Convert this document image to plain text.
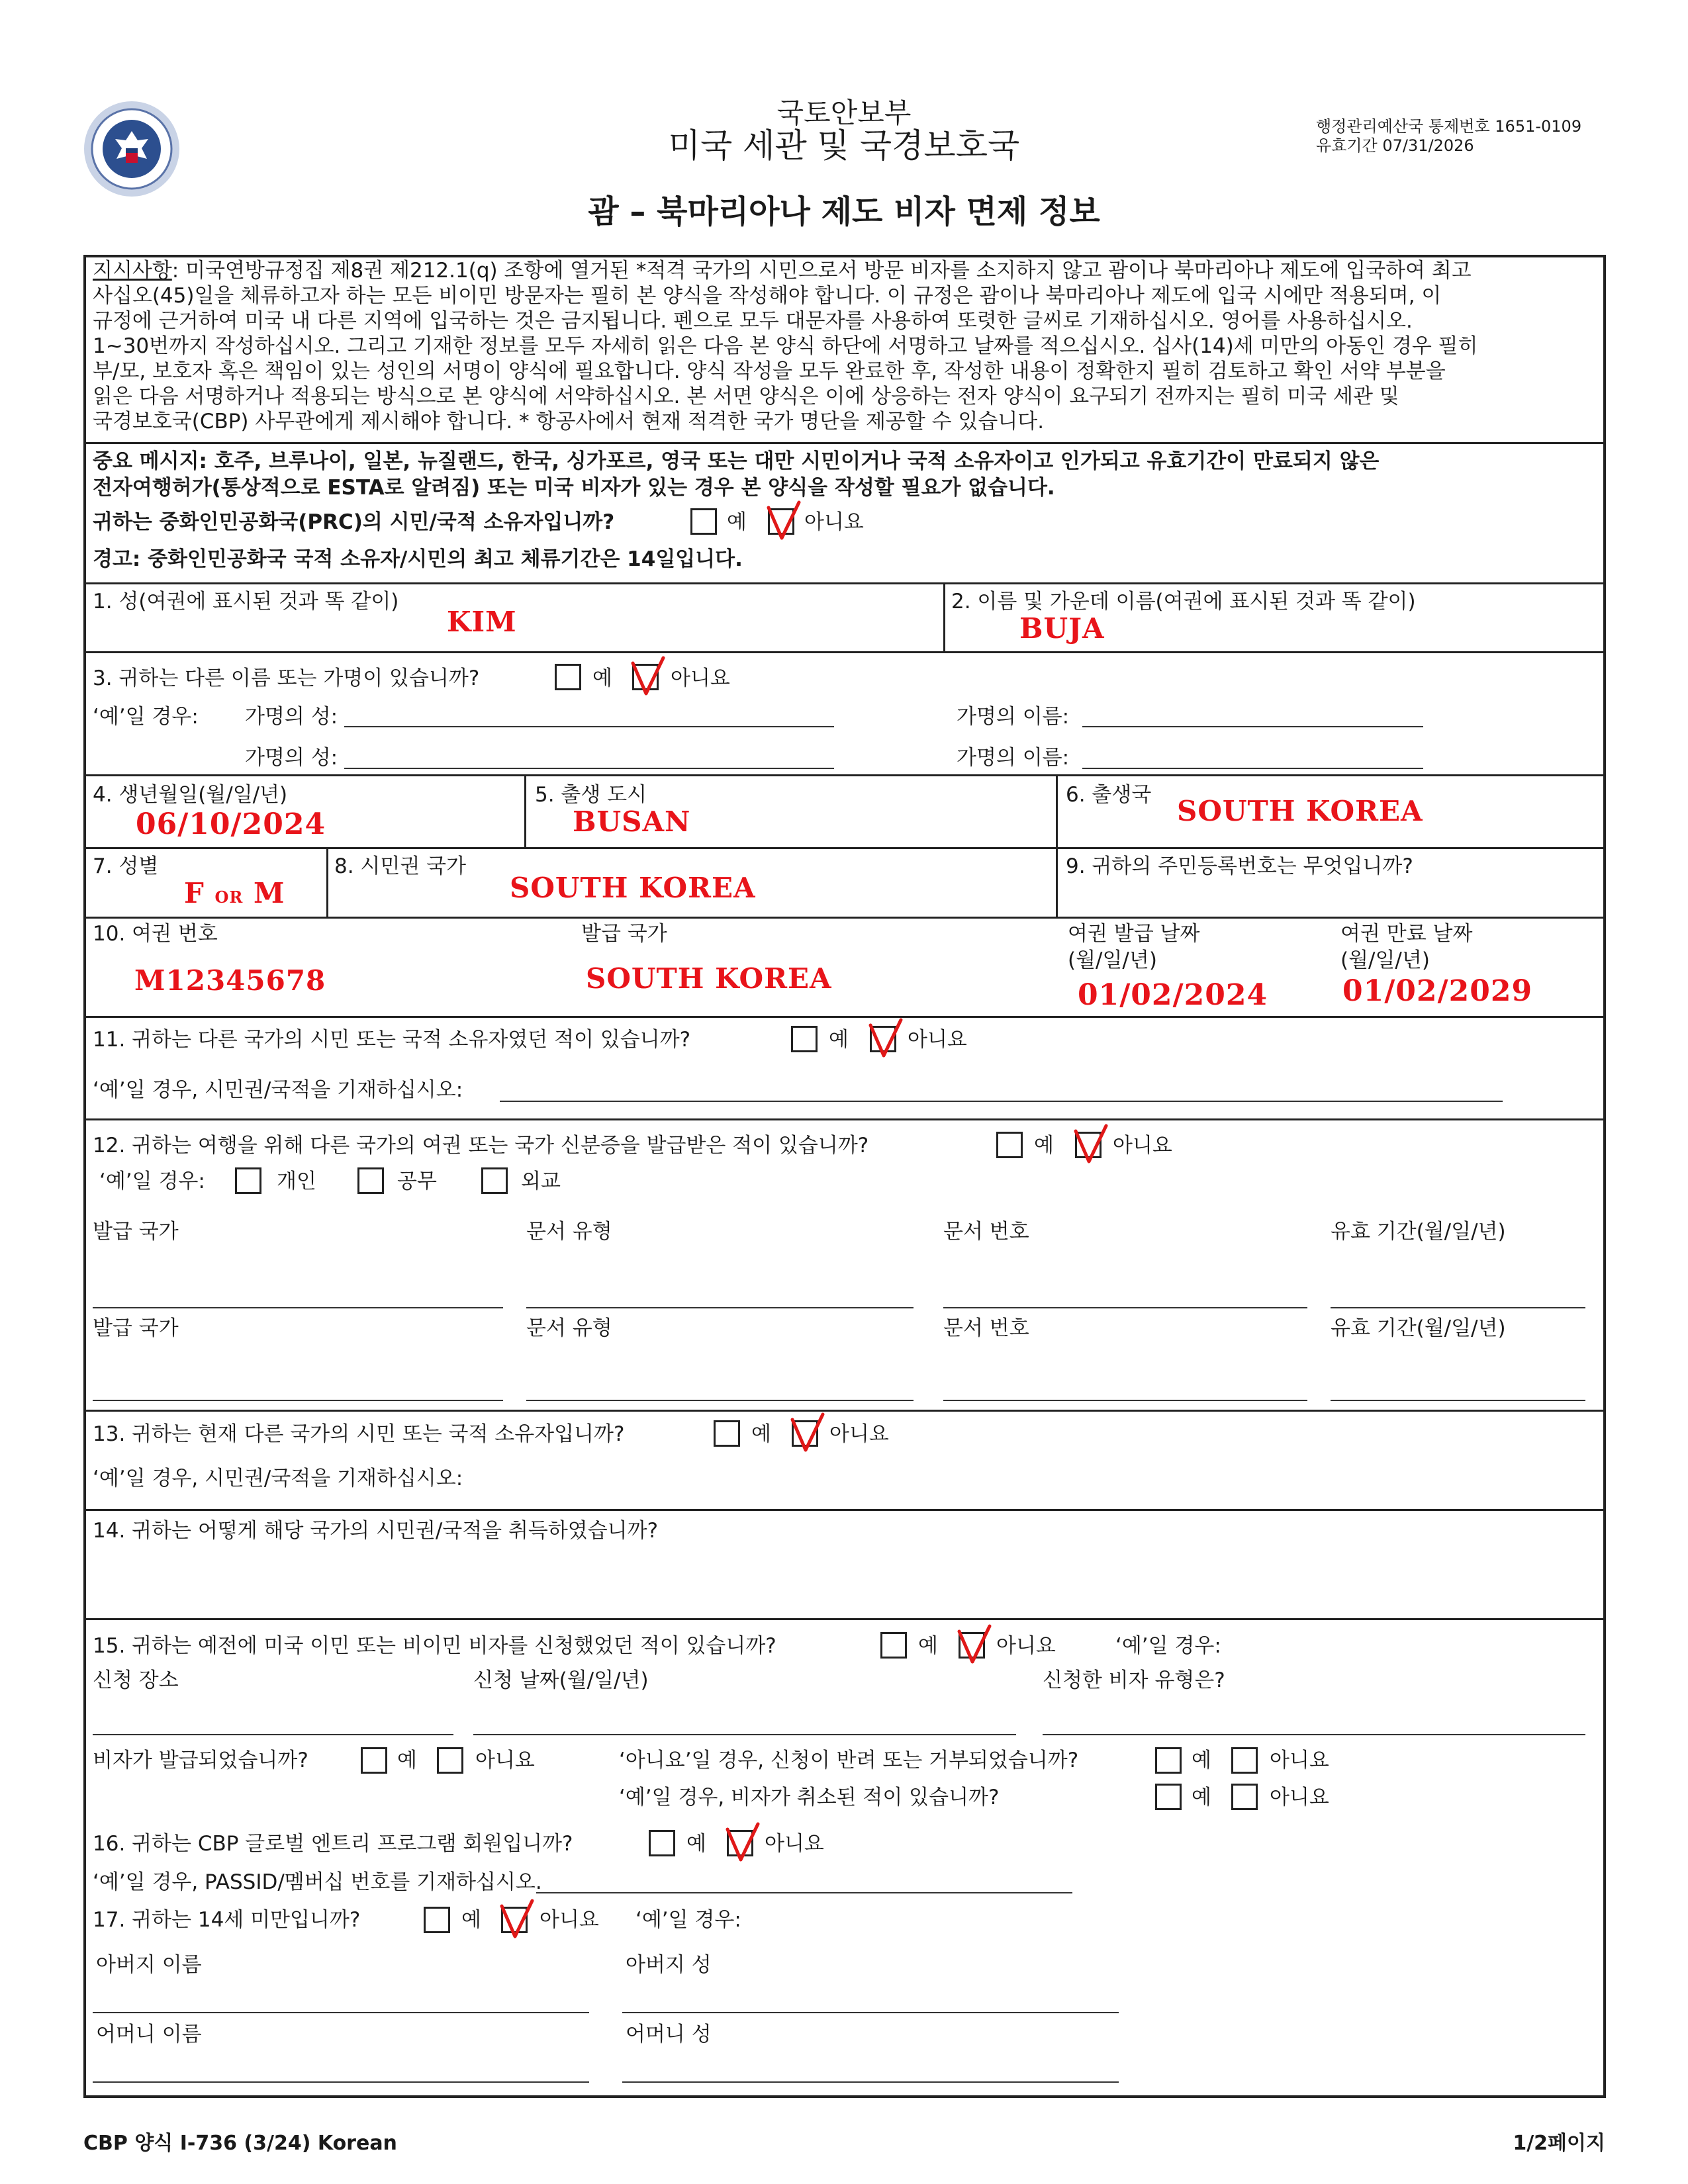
국토안보부
미국 세관 및 국경보호국	행정관리예산국 통제번호 1651-0109
유효기간 07/31/2026
괌 – 북마리아나 제도 비자 면제 정보
지시사항: 미국연방규정집 제8권 제212.1(q) 조항에 열거된 *적격 국가의 시민으로서 방문 비자를 소지하지 않고 괌이나 북마리아나 제도에 입국하여 최고
사십오(45)일을 체류하고자 하는 모든 비이민 방문자는 필히 본 양식을 작성해야 합니다. 이 규정은 괌이나 북마리아나 제도에 입국 시에만 적용되며, 이
규정에 근거하여 미국 내 다른 지역에 입국하는 것은 금지됩니다. 펜으로 모두 대문자를 사용하여 또렷한 글씨로 기재하십시오. 영어를 사용하십시오.
1~30번까지 작성하십시오. 그리고 기재한 정보를 모두 자세히 읽은 다음 본 양식 하단에 서명하고 날짜를 적으십시오. 십사(14)세 미만의 아동인 경우 필히
부/모, 보호자 혹은 책임이 있는 성인의 서명이 양식에 필요합니다. 양식 작성을 모두 완료한 후, 작성한 내용이 정확한지 필히 검토하고 확인 서약 부분을
읽은 다음 서명하거나 적용되는 방식으로 본 양식에 서약하십시오. 본 서면 양식은 이에 상응하는 전자 양식이 요구되기 전까지는 필히 미국 세관 및
국경보호국(CBP) 사무관에게 제시해야 합니다. * 항공사에서 현재 적격한 국가 명단을 제공할 수 있습니다.
중요 메시지: 호주, 브루나이, 일본, 뉴질랜드, 한국, 싱가포르, 영국 또는 대만 시민이거나 국적 소유자이고 인가되고 유효기간이 만료되지 않은
전자여행허가(통상적으로 ESTA로 알려짐) 또는 미국 비자가 있는 경우 본 양식을 작성할 필요가 없습니다.
귀하는 중화인민공화국(PRC)의 시민/국적 소유자입니까?	예	아니요
경고: 중화인민공화국 국적 소유자/시민의 최고 체류기간은 14일입니다.
1. 성(여권에 표시된 것과 똑 같이)
KIM
2. 이름 및 가운데 이름(여권에 표시된 것과 똑 같이)
BUJA
3. 귀하는 다른 이름 또는 가명이 있습니까?	예	아니요
‘예’일 경우: 가명의 성:	가명의 이름:
가명의 성:	가명의 이름:
4. 생년월일(월/일/년)
06/10/2024
5. 출생 도시
BUSAN
6. 출생국 SOUTH KOREA
7. 성별
F OR M
8. 시민권 국가
SOUTH KOREA
9. 귀하의 주민등록번호는 무엇입니까?
10. 여권 번호
M12345678
발급 국가
SOUTH KOREA
여권 발급 날짜
(월/일/년)
01/02/2024
여권 만료 날짜
(월/일/년)
01/02/2029
11. 귀하는 다른 국가의 시민 또는 국적 소유자였던 적이 있습니까?	예	아니요
‘예’일 경우, 시민권/국적을 기재하십시오:
12. 귀하는 여행을 위해 다른 국가의 여권 또는 국가 신분증을 발급받은 적이 있습니까?	예	아니요
‘예’일 경우:	개인	공무	외교
발급 국가	문서 유형	문서 번호	유효 기간(월/일/년)
발급 국가	문서 유형	문서 번호	유효 기간(월/일/년)
13. 귀하는 현재 다른 국가의 시민 또는 국적 소유자입니까?	예	아니요
‘예’일 경우, 시민권/국적을 기재하십시오:
14. 귀하는 어떻게 해당 국가의 시민권/국적을 취득하였습니까?
15. 귀하는 예전에 미국 이민 또는 비이민 비자를 신청했었던 적이 있습니까?	예	아니요	‘예’일 경우:
신청 장소	신청 날짜(월/일/년)	신청한 비자 유형은?
비자가 발급되었습니까?	예	아니요	‘아니요’일 경우, 신청이 반려 또는 거부되었습니까?	예	아니요
‘예’일 경우, 비자가 취소된 적이 있습니까?	예	아니요
16. 귀하는 CBP 글로벌 엔트리 프로그램 회원입니까?	예	아니요
‘예’일 경우, PASSID/멤버십 번호를 기재하십시오.
17. 귀하는 14세 미만입니까?	예	아니요 ‘예’일 경우:
아버지 이름	아버지 성
어머니 이름	어머니 성
CBP 양식 I-736 (3/24) Korean	1/2페이지
